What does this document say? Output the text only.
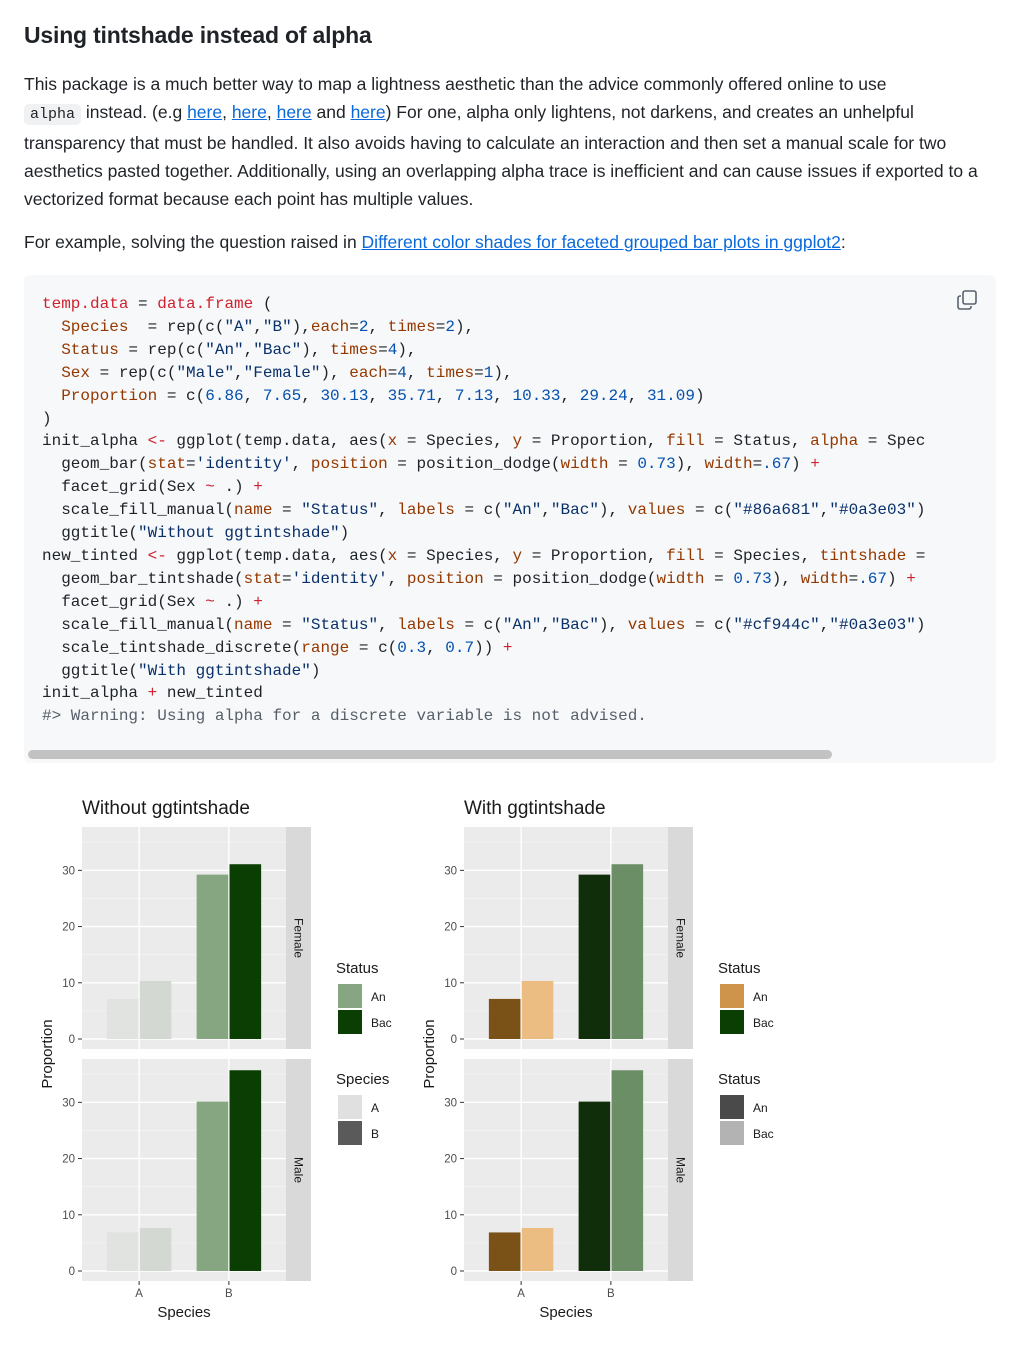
Using tintshade instead of alpha

This package is a much better way to map a lightness aesthetic than the advice commonly offered online to use
alpha instead. (e.g here, here, here and here) For one, alpha only lightens, not darkens, and creates an unhelpful transparency that must be handled. It also avoids having to calculate an interaction and then set a manual scale for two aesthetics pasted together. Additionally, using an overlapping alpha trace is inefficient and can cause issues if exported to a vectorized format because each point has multiple values.

For example, solving the question raised in Different color shades for faceted grouped bar plots in ggplot2:

temp.data = data.frame (
Species  = rep(c("A","B"),each=2, times=2),
Status = rep(c("An","Bac"), times=4),
Sex = rep(c("Male","Female"), each=4, times=1),
Proportion = c(6.86, 7.65, 30.13, 35.71, 7.13, 10.33, 29.24, 31.09)
)
init_alpha <- ggplot(temp.data, aes(x = Species, y = Proportion, fill = Status, alpha = Spec
geom_bar(stat='identity', position = position_dodge(width = 0.73), width=.67) +
facet_grid(Sex ~ .) +
scale_fill_manual(name = "Status", labels = c("An","Bac"), values = c("#86a681","#0a3e03")
ggtitle("Without ggtintshade")
new_tinted <- ggplot(temp.data, aes(x = Species, y = Proportion, fill = Species, tintshade =
geom_bar_tintshade(stat='identity', position = position_dodge(width = 0.73), width=.67) +
facet_grid(Sex ~ .) +
scale_fill_manual(name = "Status", labels = c("An","Bac"), values = c("#cf944c","#0a3e03")
scale_tintshade_discrete(range = c(0.3, 0.7)) +
ggtitle("With ggtintshade")
init_alpha + new_tinted
#> Warning: Using alpha for a discrete variable is not advised.
Without ggtintshade
Proportion
Species
0
10
20
30
Female
0
10
20
30
Male
A	B
Status
An
Bac
Species
A
B
With ggtintshade
Proportion
Species
0
10
20
30
Female
0
10
20
30
Male
A	B
Status
An
Bac
Status
An
Bac
